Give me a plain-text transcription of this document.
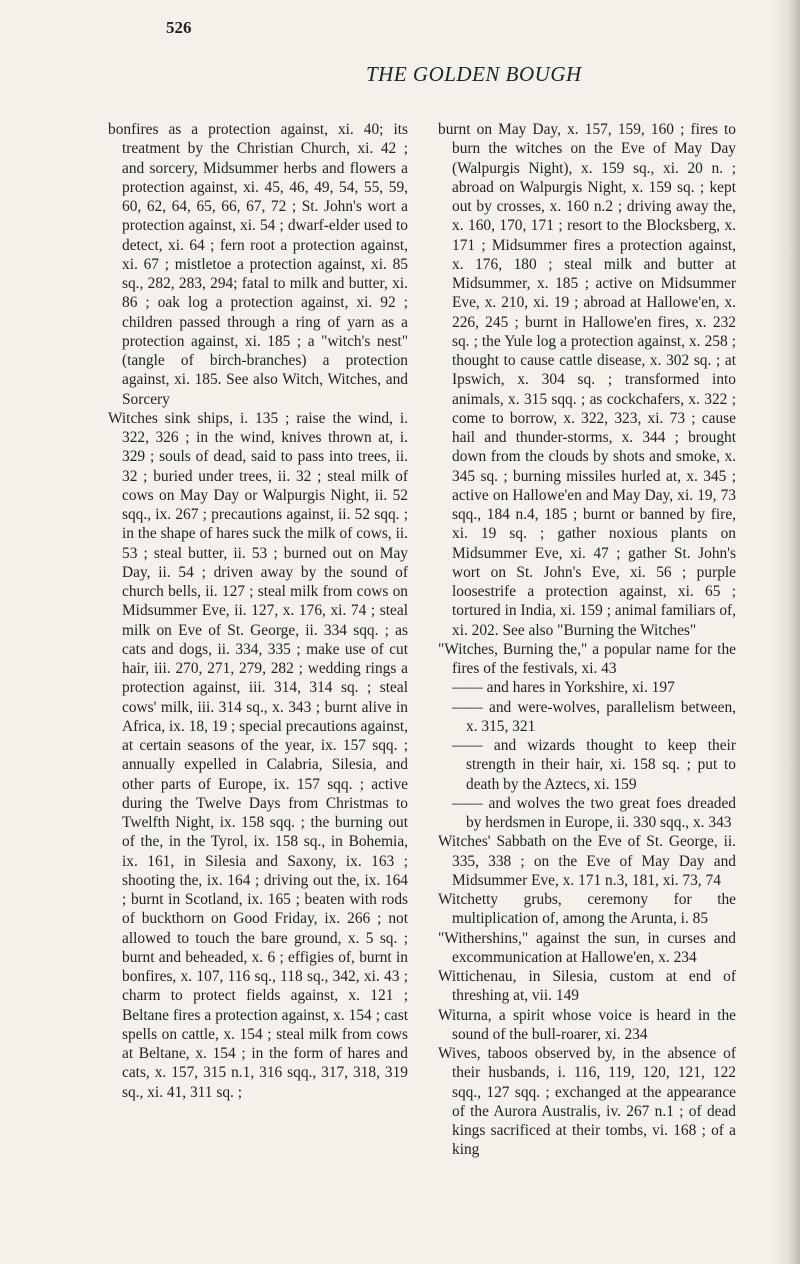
526
THE GOLDEN BOUGH

bonfires as a protection against, xi. 40; its treatment by the Christian Church, xi. 42 ; and sorcery, Midsummer herbs and flowers a protection against, xi. 45, 46, 49, 54, 55, 59, 60, 62, 64, 65, 66, 67, 72 ; St. John's wort a protection against, xi. 54 ; dwarf-elder used to detect, xi. 64 ; fern root a protection against, xi. 67 ; mistletoe a protection against, xi. 85 sq., 282, 283, 294; fatal to milk and butter, xi. 86 ; oak log a protection against, xi. 92 ; children passed through a ring of yarn as a protection against, xi. 185 ; a "witch's nest" (tangle of birch-branches) a protection against, xi. 185. See also Witch, Witches, and Sorcery

Witches sink ships, i. 135 ; raise the wind, i. 322, 326 ; in the wind, knives thrown at, i. 329 ; souls of dead, said to pass into trees, ii. 32 ; buried under trees, ii. 32 ; steal milk of cows on May Day or Walpurgis Night, ii. 52 sqq., ix. 267 ; precautions against, ii. 52 sqq. ; in the shape of hares suck the milk of cows, ii. 53 ; steal butter, ii. 53 ; burned out on May Day, ii. 54 ; driven away by the sound of church bells, ii. 127 ; steal milk from cows on Midsummer Eve, ii. 127, x. 176, xi. 74 ; steal milk on Eve of St. George, ii. 334 sqq. ; as cats and dogs, ii. 334, 335 ; make use of cut hair, iii. 270, 271, 279, 282 ; wedding rings a protection against, iii. 314, 314 sq. ; steal cows' milk, iii. 314 sq., x. 343 ; burnt alive in Africa, ix. 18, 19 ; special precautions against, at certain seasons of the year, ix. 157 sqq. ; annually expelled in Calabria, Silesia, and other parts of Europe, ix. 157 sqq. ; active during the Twelve Days from Christmas to Twelfth Night, ix. 158 sqq. ; the burning out of the, in the Tyrol, ix. 158 sq., in Bohemia, ix. 161, in Silesia and Saxony, ix. 163 ; shooting the, ix. 164 ; driving out the, ix. 164 ; burnt in Scotland, ix. 165 ; beaten with rods of buckthorn on Good Friday, ix. 266 ; not allowed to touch the bare ground, x. 5 sq. ; burnt and beheaded, x. 6 ; effigies of, burnt in bonfires, x. 107, 116 sq., 118 sq., 342, xi. 43 ; charm to protect fields against, x. 121 ; Beltane fires a protection against, x. 154 ; cast spells on cattle, x. 154 ; steal milk from cows at Beltane, x. 154 ; in the form of hares and cats, x. 157, 315 n.1, 316 sqq., 317, 318, 319 sq., xi. 41, 311 sq. ;

burnt on May Day, x. 157, 159, 160 ; fires to burn the witches on the Eve of May Day (Walpurgis Night), x. 159 sq., xi. 20 n. ; abroad on Walpurgis Night, x. 159 sq. ; kept out by crosses, x. 160 n.2 ; driving away the, x. 160, 170, 171 ; resort to the Blocksberg, x. 171 ; Midsummer fires a protection against, x. 176, 180 ; steal milk and butter at Midsummer, x. 185 ; active on Midsummer Eve, x. 210, xi. 19 ; abroad at Hallowe'en, x. 226, 245 ; burnt in Hallowe'en fires, x. 232 sq. ; the Yule log a protection against, x. 258 ; thought to cause cattle disease, x. 302 sq. ; at Ipswich, x. 304 sq. ; transformed into animals, x. 315 sqq. ; as cockchafers, x. 322 ; come to borrow, x. 322, 323, xi. 73 ; cause hail and thunder-storms, x. 344 ; brought down from the clouds by shots and smoke, x. 345 sq. ; burning missiles hurled at, x. 345 ; active on Hallowe'en and May Day, xi. 19, 73 sqq., 184 n.4, 185 ; burnt or banned by fire, xi. 19 sq. ; gather noxious plants on Midsummer Eve, xi. 47 ; gather St. John's wort on St. John's Eve, xi. 56 ; purple loosestrife a protection against, xi. 65 ; tortured in India, xi. 159 ; animal familiars of, xi. 202. See also "Burning the Witches"

"Witches, Burning the," a popular name for the fires of the festivals, xi. 43

—— and hares in Yorkshire, xi. 197

—— and were-wolves, parallelism between, x. 315, 321

—— and wizards thought to keep their strength in their hair, xi. 158 sq. ; put to death by the Aztecs, xi. 159

—— and wolves the two great foes dreaded by herdsmen in Europe, ii. 330 sqq., x. 343

Witches' Sabbath on the Eve of St. George, ii. 335, 338 ; on the Eve of May Day and Midsummer Eve, x. 171 n.3, 181, xi. 73, 74

Witchetty grubs, ceremony for the multiplication of, among the Arunta, i. 85

"Withershins," against the sun, in curses and excommunication at Hallowe'en, x. 234

Wittichenau, in Silesia, custom at end of threshing at, vii. 149

Witurna, a spirit whose voice is heard in the sound of the bull-roarer, xi. 234

Wives, taboos observed by, in the absence of their husbands, i. 116, 119, 120, 121, 122 sqq., 127 sqq. ; exchanged at the appearance of the Aurora Australis, iv. 267 n.1 ; of dead kings sacrificed at their tombs, vi. 168 ; of a king
